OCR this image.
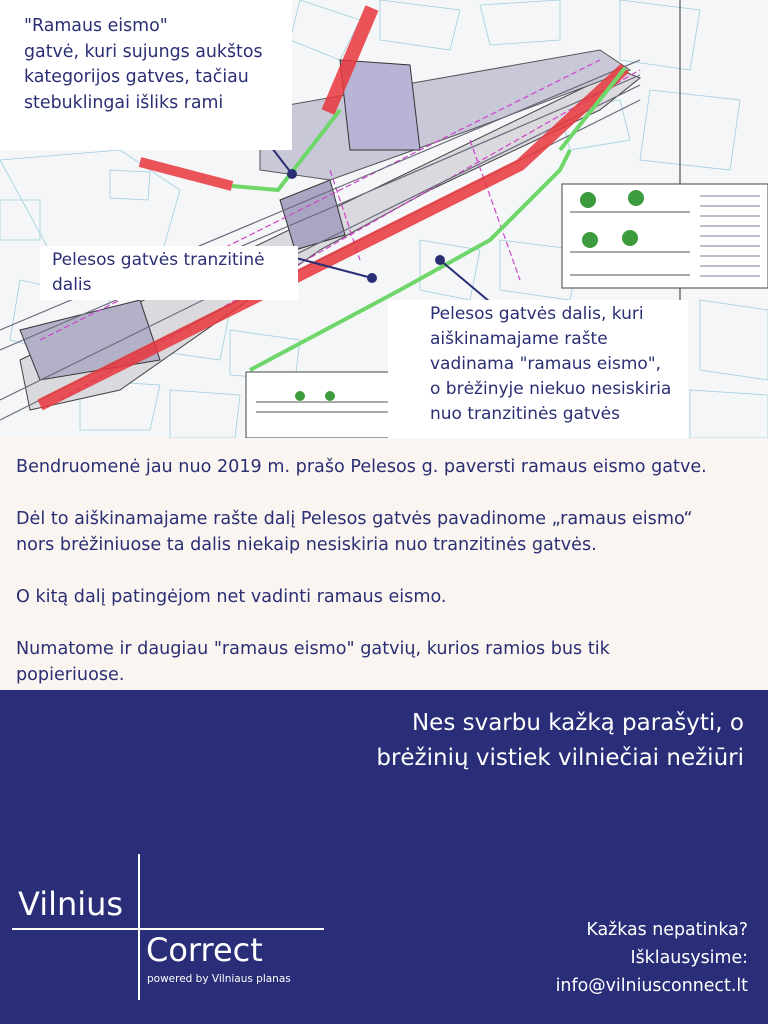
"Ramaus eismo"
gatvė, kuri sujungs aukštos
kategorijos gatves, tačiau
stebuklingai išliks rami
Pelesos gatvės tranzitinė
dalis
Pelesos gatvės dalis, kuri
aiškinamajame rašte
vadinama "ramaus eismo",
o brėžinyje niekuo nesiskiria
nuo tranzitinės gatvės

Bendruomenė jau nuo 2019 m. prašo Pelesos g. paversti ramaus eismo gatve.

Dėl to aiškinamajame rašte dalį Pelesos gatvės pavadinome „ramaus eismo“
nors brėžiniuose ta dalis niekaip nesiskiria nuo tranzitinės gatvės.

O kitą dalį patingėjom net vadinti ramaus eismo.

Numatome ir daugiau "ramaus eismo" gatvių, kurios ramios bus tik
popieriuose.

Nes svarbu kažką parašyti, o
brėžinių vistiek vilniečiai nežiūri
Vilnius
Correct
powered by Vilniaus planas
Kažkas nepatinka?
Išklausysime:
info@vilniusconnect.lt
